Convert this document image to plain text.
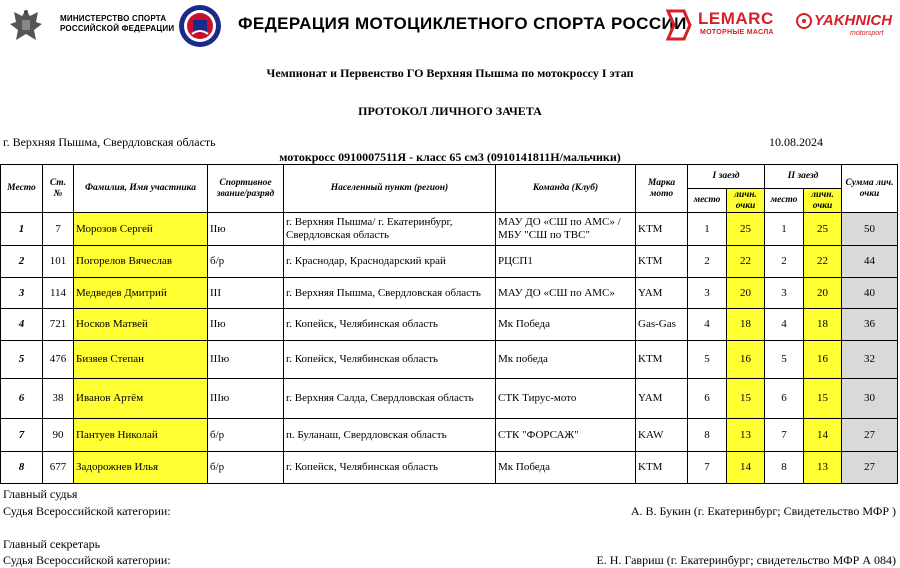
МИНИСТЕРСТВО СПОРТА
РОССИЙСКОЙ ФЕДЕРАЦИИ	ФЕДЕРАЦИЯ МОТОЦИКЛЕТНОГО СПОРТА РОССИИ LEMARC
МОТОРНЫЕ МАСЛА
YAKHNICH
motorsport
Чемпионат и Первенство ГО Верхняя Пышма по мотокроссу I этап
ПРОТОКОЛ ЛИЧНОГО ЗАЧЕТА
г. Верхняя Пышма, Свердловская область	10.08.2024
мотокросс 0910007511Я - класс 65 см3 (0910141811Н/мальчики)
Место	Ст. №	Фамилия, Имя участника	Спортивное звание/разряд	Населенный пункт (регион)	Команда (Клуб)	Марка мото	I заезд		II заезд		Сумма лич. очки
							место	личн. очки	место	личн. очки	
1	7	Морозов Сергей	IIю	г. Верхняя Пышма/ г. Екатеринбург, Свердловская область	МАУ ДО «СШ по АМС» / МБУ "СШ по ТВС"	KTM	1	25	1	25	50
2	101	Погорелов Вячеслав	б/р	г. Краснодар, Краснодарский край	РЦСП1	KTM	2	22	2	22	44
3	114	Медведев Дмитрий	III	г. Верхняя Пышма, Свердловская область	МАУ ДО «СШ по АМС»	YAM	3	20	3	20	40
4	721	Носков Матвей	IIю	г. Копейск, Челябинская область	Мк Победа	Gas-Gas	4	18	4	18	36
5	476	Бизяев Степан	IIIю	г. Копейск, Челябинская область	Мк победа	KTM	5	16	5	16	32
6	38	Иванов Артём	IIIю	г. Верхняя Салда, Свердловская область	СТК Тирус-мото	YAM	6	15	6	15	30
7	90	Пантуев Николай	б/р	п. Буланаш, Свердловская область	СТК "ФОРСАЖ"	KAW	8	13	7	14	27
8	677	Задорожнев Илья	б/р	г. Копейск, Челябинская область	Мк Победа	KTM	7	14	8	13	27
Главный судья
Судья Всероссийской категории:	А. В. Букин (г. Екатеринбург; Свидетельство МФР )
Главный секретарь
Судья Всероссийской категории:	Е. Н. Гавриш (г. Екатеринбург; свидетельство МФР А 084)
